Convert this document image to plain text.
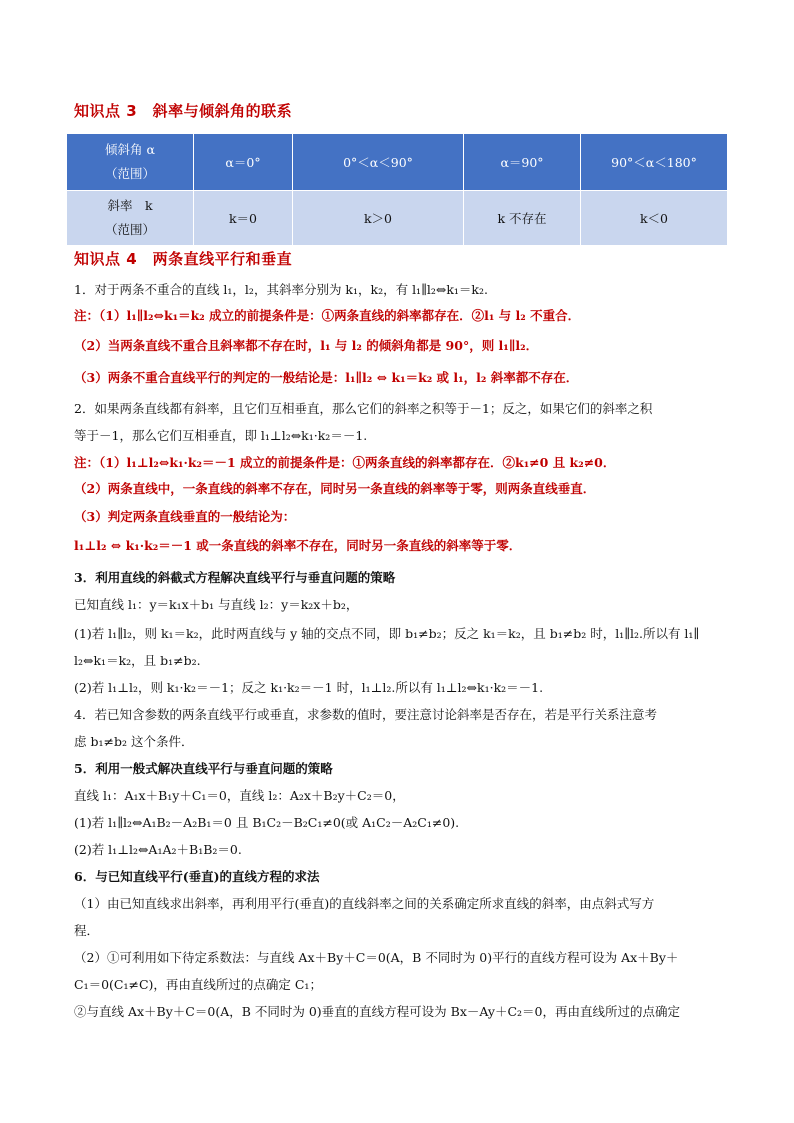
知识点 3　斜率与倾斜角的联系
倾斜角 α
（范围）	α＝0°	0°＜α＜90°	α＝90°	90°＜α＜180°

斜率　k
（范围）	k＝0	k＞0	k 不存在	k＜0
知识点 4　两条直线平行和垂直
1．对于两条不重合的直线 l₁，l₂，其斜率分别为 k₁，k₂，有 l₁∥l₂⇔k₁＝k₂.
注：（1）l₁∥l₂⇔k₁＝k₂ 成立的前提条件是：①两条直线的斜率都存在．②l₁ 与 l₂ 不重合．
（2）当两条直线不重合且斜率都不存在时，l₁ 与 l₂ 的倾斜角都是 90°，则 l₁∥l₂．
（3）两条不重合直线平行的判定的一般结论是：l₁∥l₂ ⇔ k₁＝k₂ 或 l₁，l₂ 斜率都不存在．
2．如果两条直线都有斜率，且它们互相垂直，那么它们的斜率之积等于－1；反之，如果它们的斜率之积
等于－1，那么它们互相垂直，即 l₁⊥l₂⇔k₁·k₂＝－1.
注：（1）l₁⊥l₂⇔k₁·k₂＝－1 成立的前提条件是：①两条直线的斜率都存在．②k₁≠0 且 k₂≠0．
（2）两条直线中，一条直线的斜率不存在，同时另一条直线的斜率等于零，则两条直线垂直．
（3）判定两条直线垂直的一般结论为：
l₁⊥l₂ ⇔ k₁·k₂＝－1 或一条直线的斜率不存在，同时另一条直线的斜率等于零．
3．利用直线的斜截式方程解决直线平行与垂直问题的策略
已知直线 l₁：y＝k₁x＋b₁ 与直线 l₂：y＝k₂x＋b₂，
(1)若 l₁∥l₂，则 k₁＝k₂，此时两直线与 y 轴的交点不同，即 b₁≠b₂；反之 k₁＝k₂，且 b₁≠b₂ 时，l₁∥l₂.所以有 l₁∥
l₂⇔k₁＝k₂，且 b₁≠b₂.
(2)若 l₁⊥l₂，则 k₁·k₂＝－1；反之 k₁·k₂＝－1 时，l₁⊥l₂.所以有 l₁⊥l₂⇔k₁·k₂＝－1.
4．若已知含参数的两条直线平行或垂直，求参数的值时，要注意讨论斜率是否存在，若是平行关系注意考
虑 b₁≠b₂ 这个条件．
5．利用一般式解决直线平行与垂直问题的策略
直线 l₁：A₁x＋B₁y＋C₁＝0，直线 l₂：A₂x＋B₂y＋C₂＝0，
(1)若 l₁∥l₂⇔A₁B₂－A₂B₁＝0 且 B₁C₂－B₂C₁≠0(或 A₁C₂－A₂C₁≠0).
(2)若 l₁⊥l₂⇔A₁A₂＋B₁B₂＝0.
6．与已知直线平行(垂直)的直线方程的求法
（1）由已知直线求出斜率，再利用平行(垂直)的直线斜率之间的关系确定所求直线的斜率，由点斜式写方
程．
（2）①可利用如下待定系数法：与直线 Ax＋By＋C＝0(A，B 不同时为 0)平行的直线方程可设为 Ax＋By＋
C₁＝0(C₁≠C)，再由直线所过的点确定 C₁；
②与直线 Ax＋By＋C＝0(A，B 不同时为 0)垂直的直线方程可设为 Bx－Ay＋C₂＝0，再由直线所过的点确定
